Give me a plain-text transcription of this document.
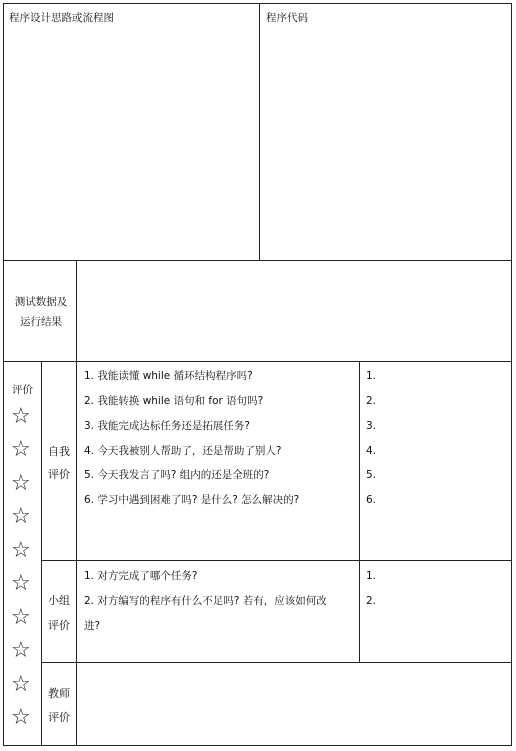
程序设计思路或流程图	程序代码
测试数据及
运行结果
评价
☆
☆
☆
☆
☆
☆
☆
☆
☆
☆
自我
评价
1. 我能读懂 while 循环结构程序吗?
2. 我能转换 while 语句和 for 语句吗?
3. 我能完成达标任务还是拓展任务?
4. 今天我被别人帮助了，还是帮助了别人?
5. 今天我发言了吗? 组内的还是全班的?
6. 学习中遇到困难了吗? 是什么? 怎么解决的?
1.
2.
3.
4.
5.
6.
小组
评价
1. 对方完成了哪个任务?
2. 对方编写的程序有什么不足吗? 若有，应该如何改
进?
1.
2.
教师
评价
